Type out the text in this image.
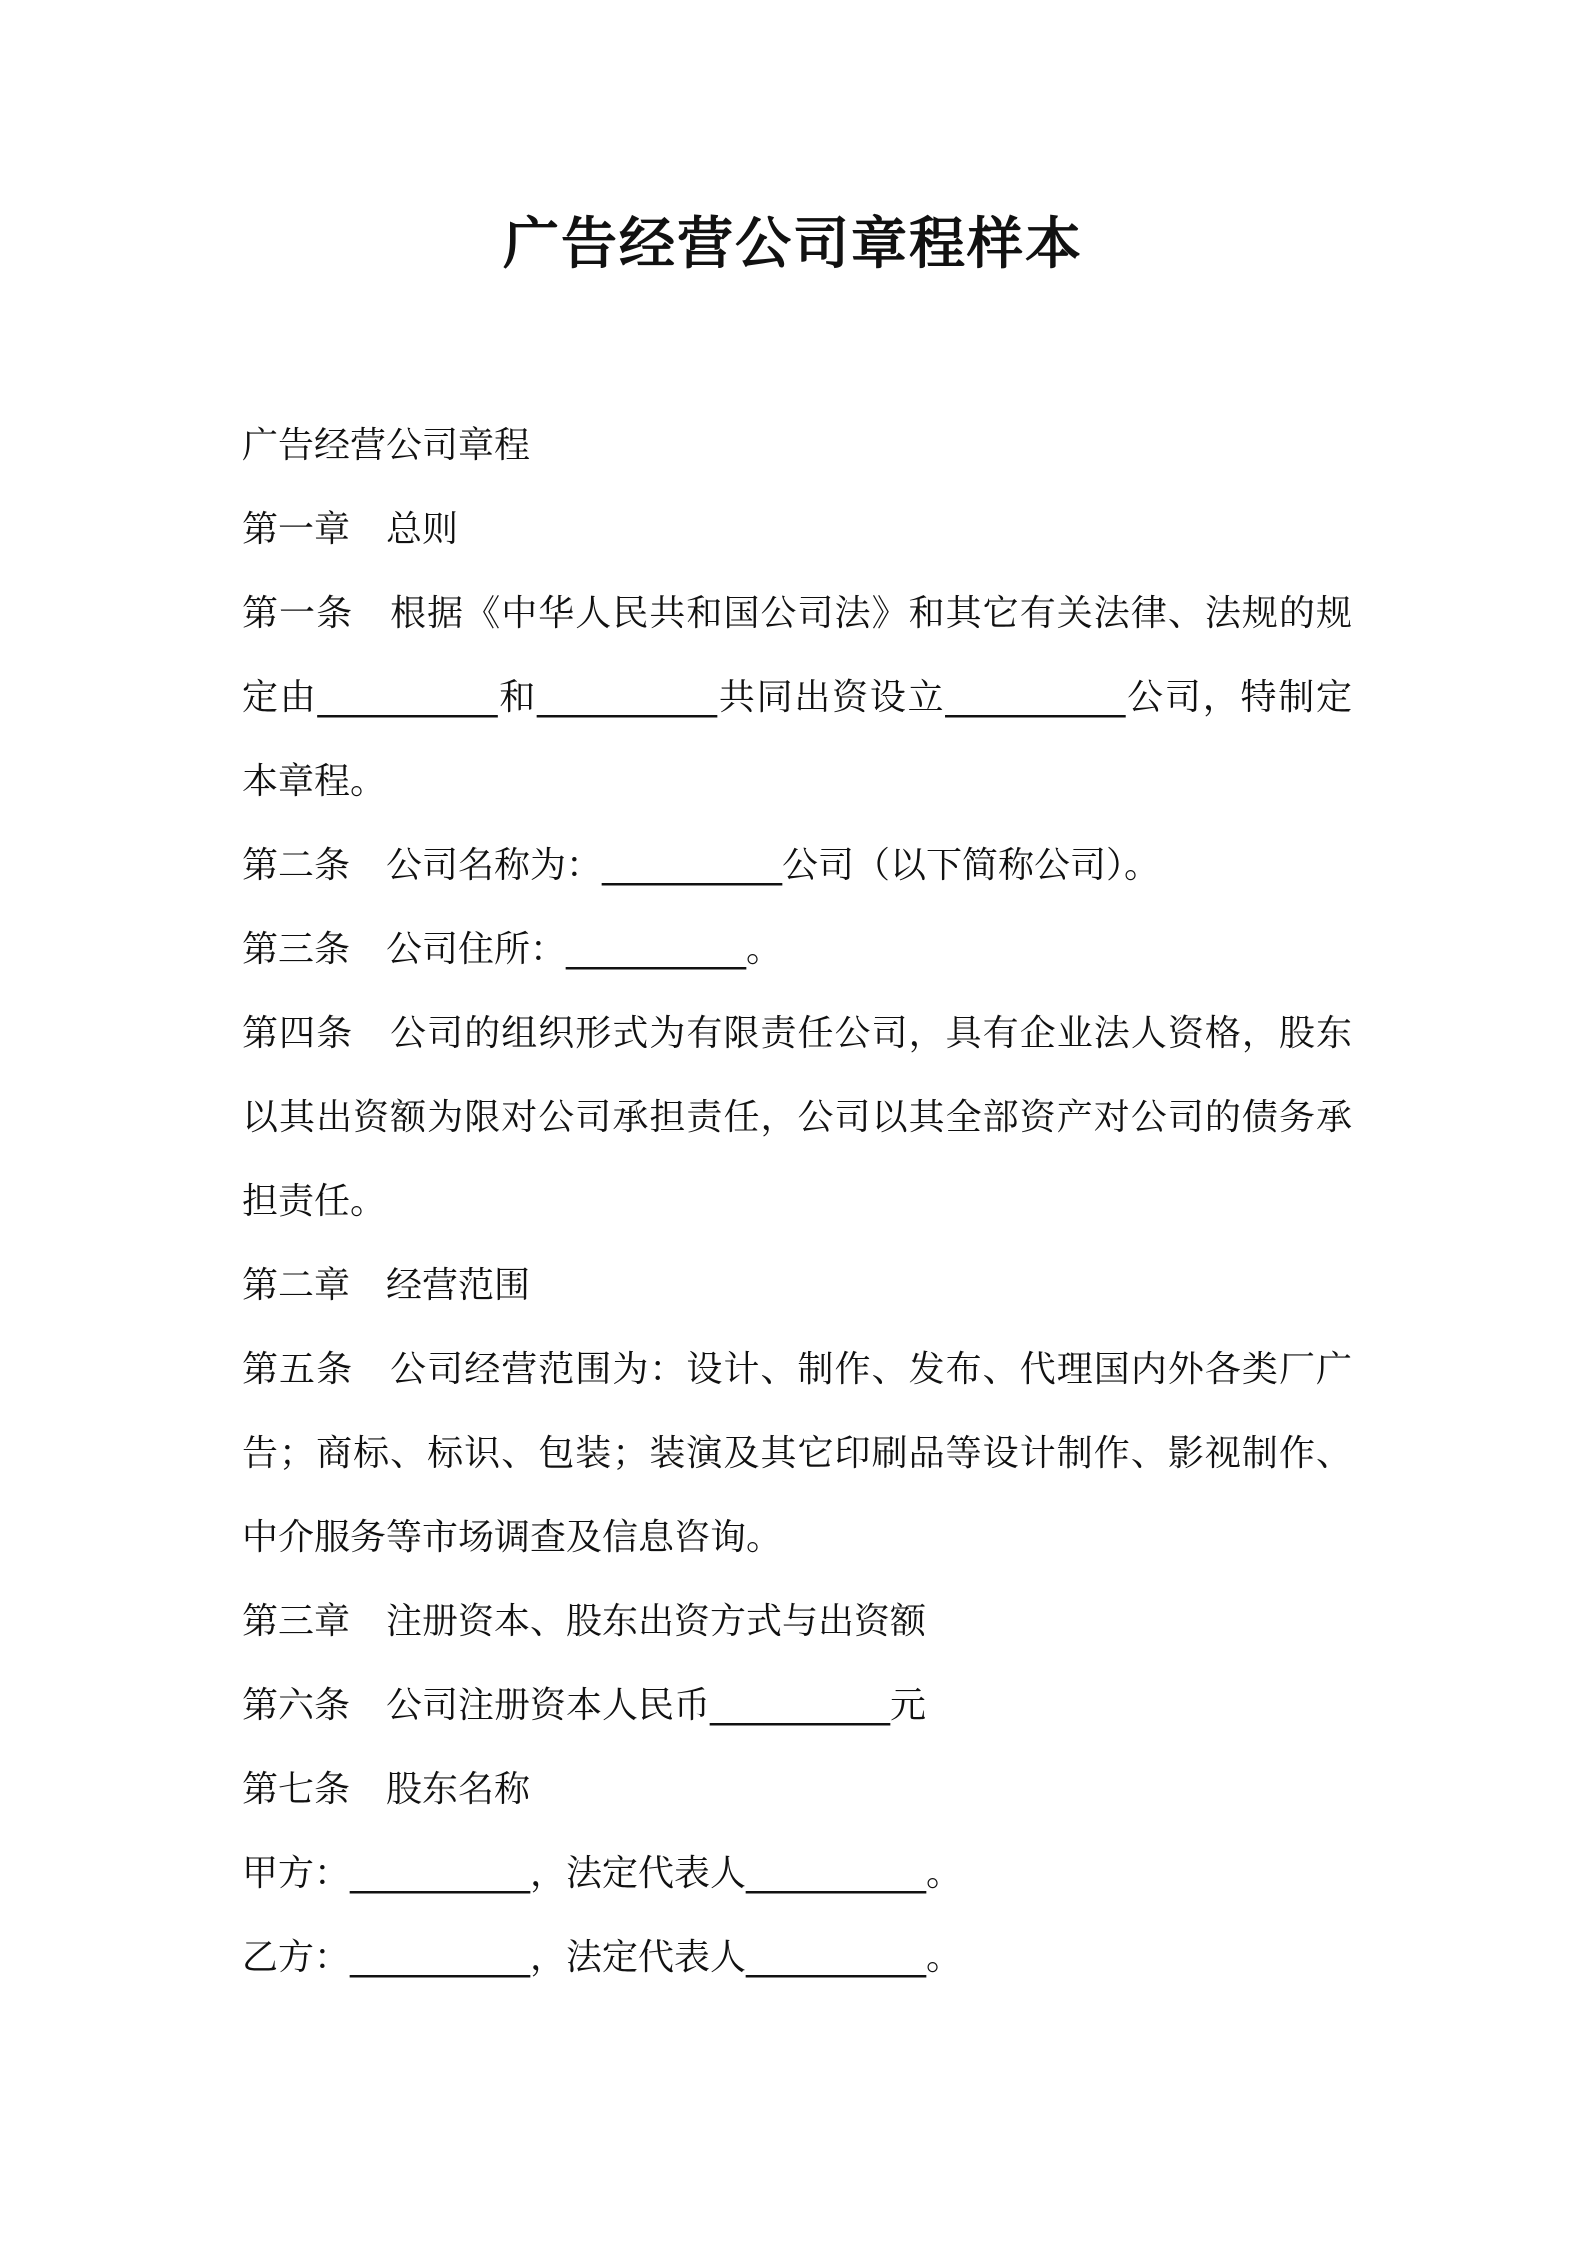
广告经营公司章程样本

广告经营公司章程

第一章　总则

第一条　根据《中华人民共和国公司法》和其它有关法律、法规的规定由__________和__________共同出资设立__________公司，特制定本章程。

第二条　公司名称为：__________公司（以下简称公司）。

第三条　公司住所：__________。

第四条　公司的组织形式为有限责任公司，具有企业法人资格，股东以其出资额为限对公司承担责任，公司以其全部资产对公司的债务承担责任。

第二章　经营范围

第五条　公司经营范围为：设计、制作、发布、代理国内外各类厂广告；商标、标识、包装；装演及其它印刷品等设计制作、影视制作、中介服务等市场调查及信息咨询。

第三章　注册资本、股东出资方式与出资额

第六条　公司注册资本人民币__________元

第七条　股东名称

甲方：__________，法定代表人__________。

乙方：__________，法定代表人__________。
